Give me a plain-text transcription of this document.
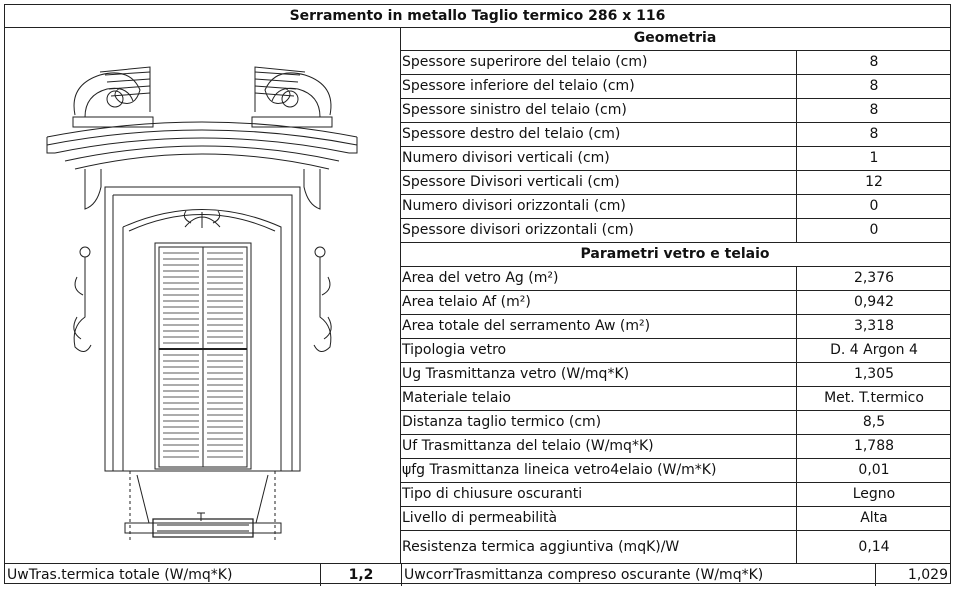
Serramento in metallo Taglio termico 286 x 116
Geometria
Spessore superirore del telaio (cm)	8
Spessore inferiore del telaio (cm)	8
Spessore sinistro del telaio (cm)	8
Spessore destro del telaio (cm)	8
Numero divisori verticali (cm)	1
Spessore Divisori verticali (cm)	12
Numero divisori orizzontali (cm)	0
Spessore divisori orizzontali (cm)	0
Parametri vetro e telaio
Area del vetro Ag (m²)	2,376
Area telaio Af (m²)	0,942
Area totale del serramento Aw (m²)	3,318
Tipologia vetro	D. 4 Argon 4
Ug Trasmittanza vetro (W/mq*K)	1,305
Materiale telaio	Met. T.termico
Distanza taglio termico (cm)	8,5
Uf Trasmittanza del telaio (W/mq*K)	1,788
ψfg Trasmittanza lineica vetro4elaio (W/m*K)	0,01
Tipo di chiusure oscuranti	Legno
Livello di permeabilità	Alta
Resistenza termica aggiuntiva (mqK)/W	0,14
UwTras.termica totale (W/mq*K)	1,2	UwcorrTrasmittanza compreso oscurante (W/mq*K)	1,029
